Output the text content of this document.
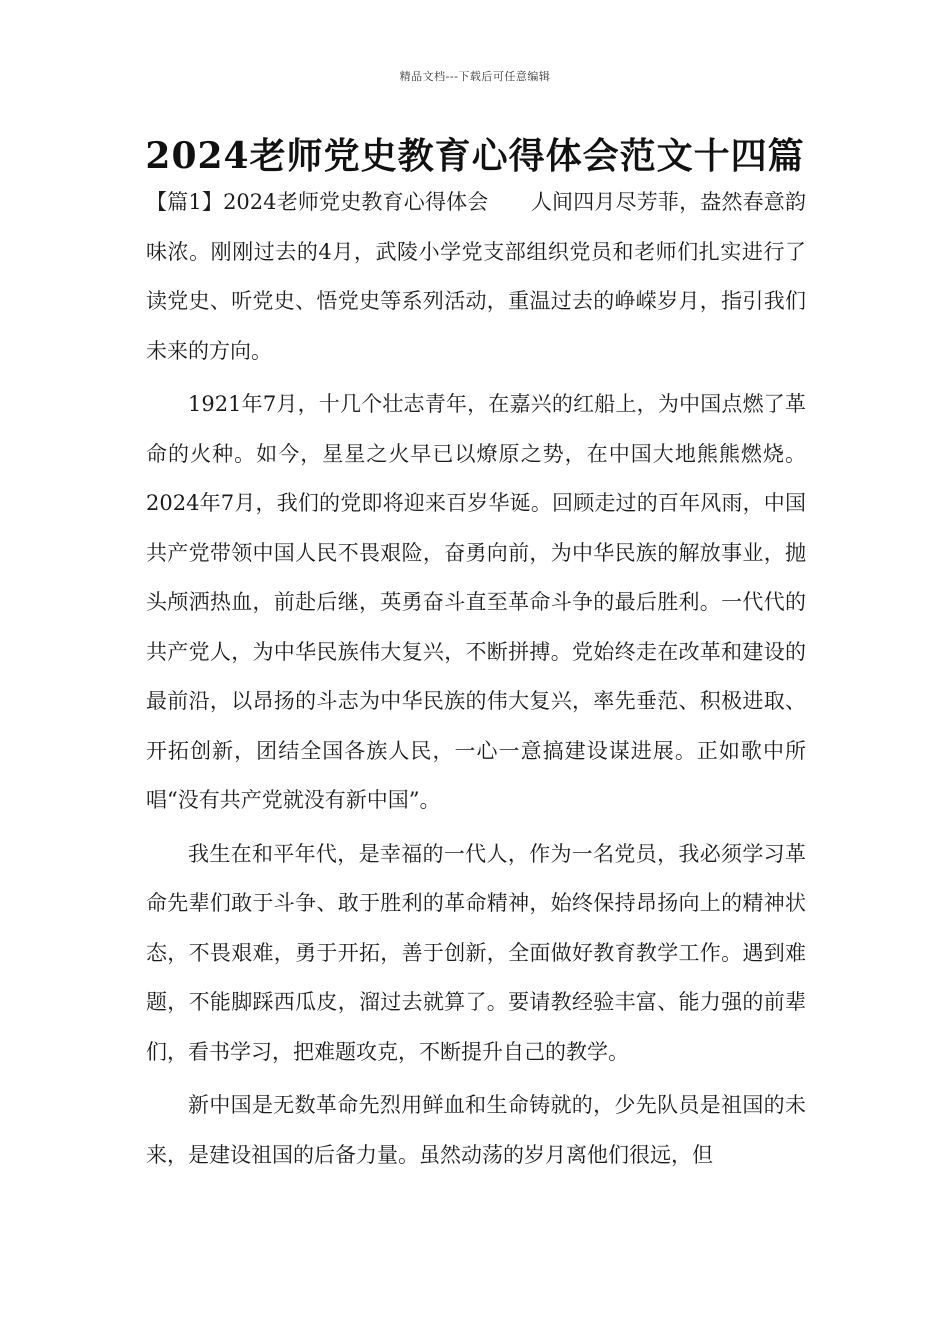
精品文档---下载后可任意编辑
2024老师党史教育心得体会范文十四篇

【篇1】2024老师党史教育心得体会　　人间四月尽芳菲，盎然春意韵味浓。刚刚过去的4月，武陵小学党支部组织党员和老师们扎实进行了读党史、听党史、悟党史等系列活动，重温过去的峥嵘岁月，指引我们未来的方向。

1921年7月，十几个壮志青年，在嘉兴的红船上，为中国点燃了革命的火种。如今，星星之火早已以燎原之势，在中国大地熊熊燃烧。2024年7月，我们的党即将迎来百岁华诞。回顾走过的百年风雨，中国共产党带领中国人民不畏艰险，奋勇向前，为中华民族的解放事业，抛头颅洒热血，前赴后继，英勇奋斗直至革命斗争的最后胜利。一代代的共产党人，为中华民族伟大复兴，不断拼搏。党始终走在改革和建设的最前沿，以昂扬的斗志为中华民族的伟大复兴，率先垂范、积极进取、开拓创新，团结全国各族人民，一心一意搞建设谋进展。正如歌中所唱“没有共产党就没有新中国”。

我生在和平年代，是幸福的一代人，作为一名党员，我必须学习革命先辈们敢于斗争、敢于胜利的革命精神，始终保持昂扬向上的精神状态，不畏艰难，勇于开拓，善于创新，全面做好教育教学工作。遇到难题，不能脚踩西瓜皮，溜过去就算了。要请教经验丰富、能力强的前辈们，看书学习，把难题攻克，不断提升自己的教学。

新中国是无数革命先烈用鲜血和生命铸就的，少先队员是祖国的未来，是建设祖国的后备力量。虽然动荡的岁月离他们很远，但
